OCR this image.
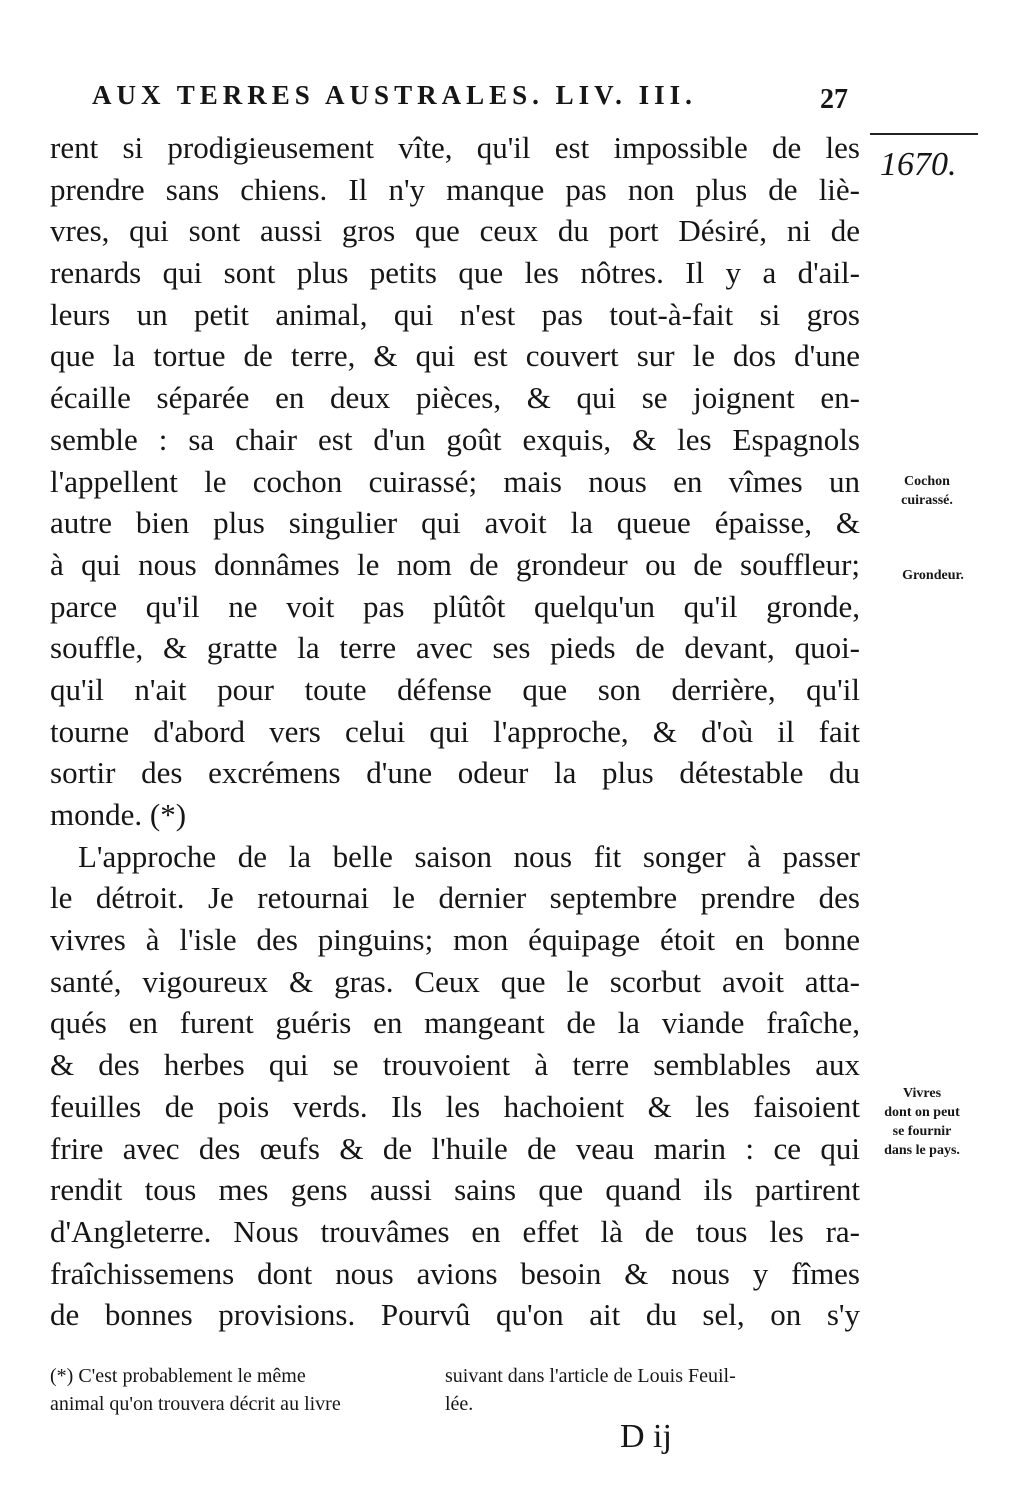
AUX TERRES AUSTRALES. LIV. III.	27
1670.
rent si prodigieusement vîte, qu'il est impossible de les
prendre sans chiens. Il n'y manque pas non plus de liè-
vres, qui sont aussi gros que ceux du port Désiré, ni de
renards qui sont plus petits que les nôtres. Il y a d'ail-
leurs un petit animal, qui n'est pas tout-à-fait si gros
que la tortue de terre, & qui est couvert sur le dos d'une
écaille séparée en deux pièces, & qui se joignent en-
semble : sa chair est d'un goût exquis, & les Espagnols
l'appellent le cochon cuirassé; mais nous en vîmes un
autre bien plus singulier qui avoit la queue épaisse, &
à qui nous donnâmes le nom de grondeur ou de souffleur;
parce qu'il ne voit pas plûtôt quelqu'un qu'il gronde,
souffle, & gratte la terre avec ses pieds de devant, quoi-
qu'il n'ait pour toute défense que son derrière, qu'il
tourne d'abord vers celui qui l'approche, & d'où il fait
sortir des excrémens d'une odeur la plus détestable du
monde. (*)
L'approche de la belle saison nous fit songer à passer
le détroit. Je retournai le dernier septembre prendre des
vivres à l'isle des pinguins; mon équipage étoit en bonne
santé, vigoureux & gras. Ceux que le scorbut avoit atta-
qués en furent guéris en mangeant de la viande fraîche,
& des herbes qui se trouvoient à terre semblables aux
feuilles de pois verds. Ils les hachoient & les faisoient
frire avec des œufs & de l'huile de veau marin : ce qui
rendit tous mes gens aussi sains que quand ils partirent
d'Angleterre. Nous trouvâmes en effet là de tous les ra-
fraîchissemens dont nous avions besoin & nous y fîmes
de bonnes provisions. Pourvû qu'on ait du sel, on s'y
Cochon
cuirassé.
Grondeur.
Vivres
dont on peut
se fournir
dans le pays.
(*) C'est probablement le même	suivant dans l'article de Louis Feuil-
animal qu'on trouvera décrit au livre	lée.
D ij
